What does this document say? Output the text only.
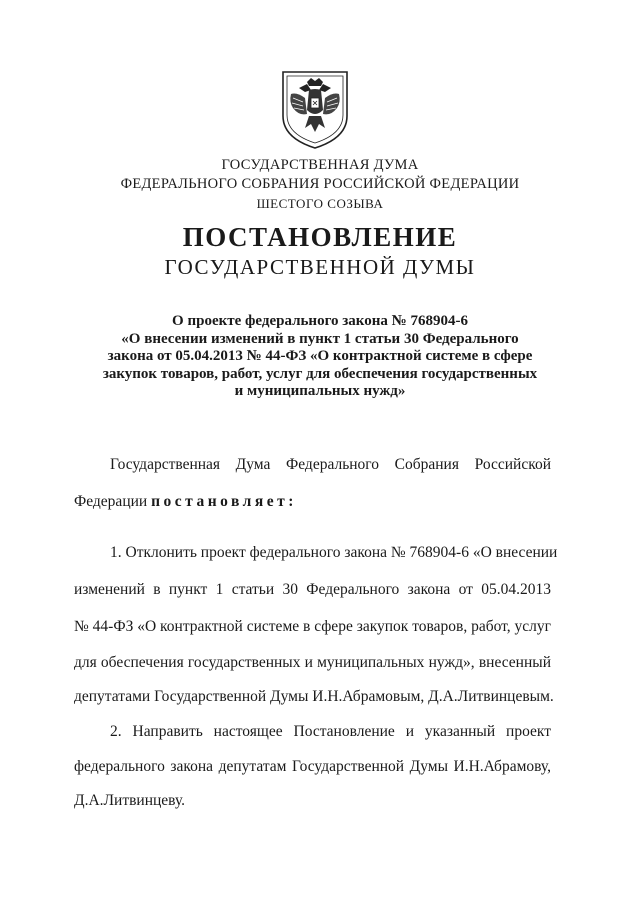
ГОСУДАРСТВЕННАЯ ДУМА
ФЕДЕРАЛЬНОГО СОБРАНИЯ РОССИЙСКОЙ ФЕДЕРАЦИИ
ШЕСТОГО СОЗЫВА
ПОСТАНОВЛЕНИЕ
ГОСУДАРСТВЕННОЙ ДУМЫ
О проекте федерального закона № 768904-6
«О внесении изменений в пункт 1 статьи 30 Федерального
закона от 05.04.2013 № 44-ФЗ «О контрактной системе в сфере
закупок товаров, работ, услуг для обеспечения государственных
и муниципальных нужд»
Государственная Дума Федерального Собрания Российской
Федерации постановляет:
1. Отклонить проект федерального закона № 768904-6 «О внесении
изменений в пункт 1 статьи 30 Федерального закона от 05.04.2013
№ 44-ФЗ «О контрактной системе в сфере закупок товаров, работ, услуг
для обеспечения государственных и муниципальных нужд», внесенный
депутатами Государственной Думы И.Н.Абрамовым, Д.А.Литвинцевым.
2. Направить настоящее Постановление и указанный проект
федерального закона депутатам Государственной Думы И.Н.Абрамову,
Д.А.Литвинцеву.
